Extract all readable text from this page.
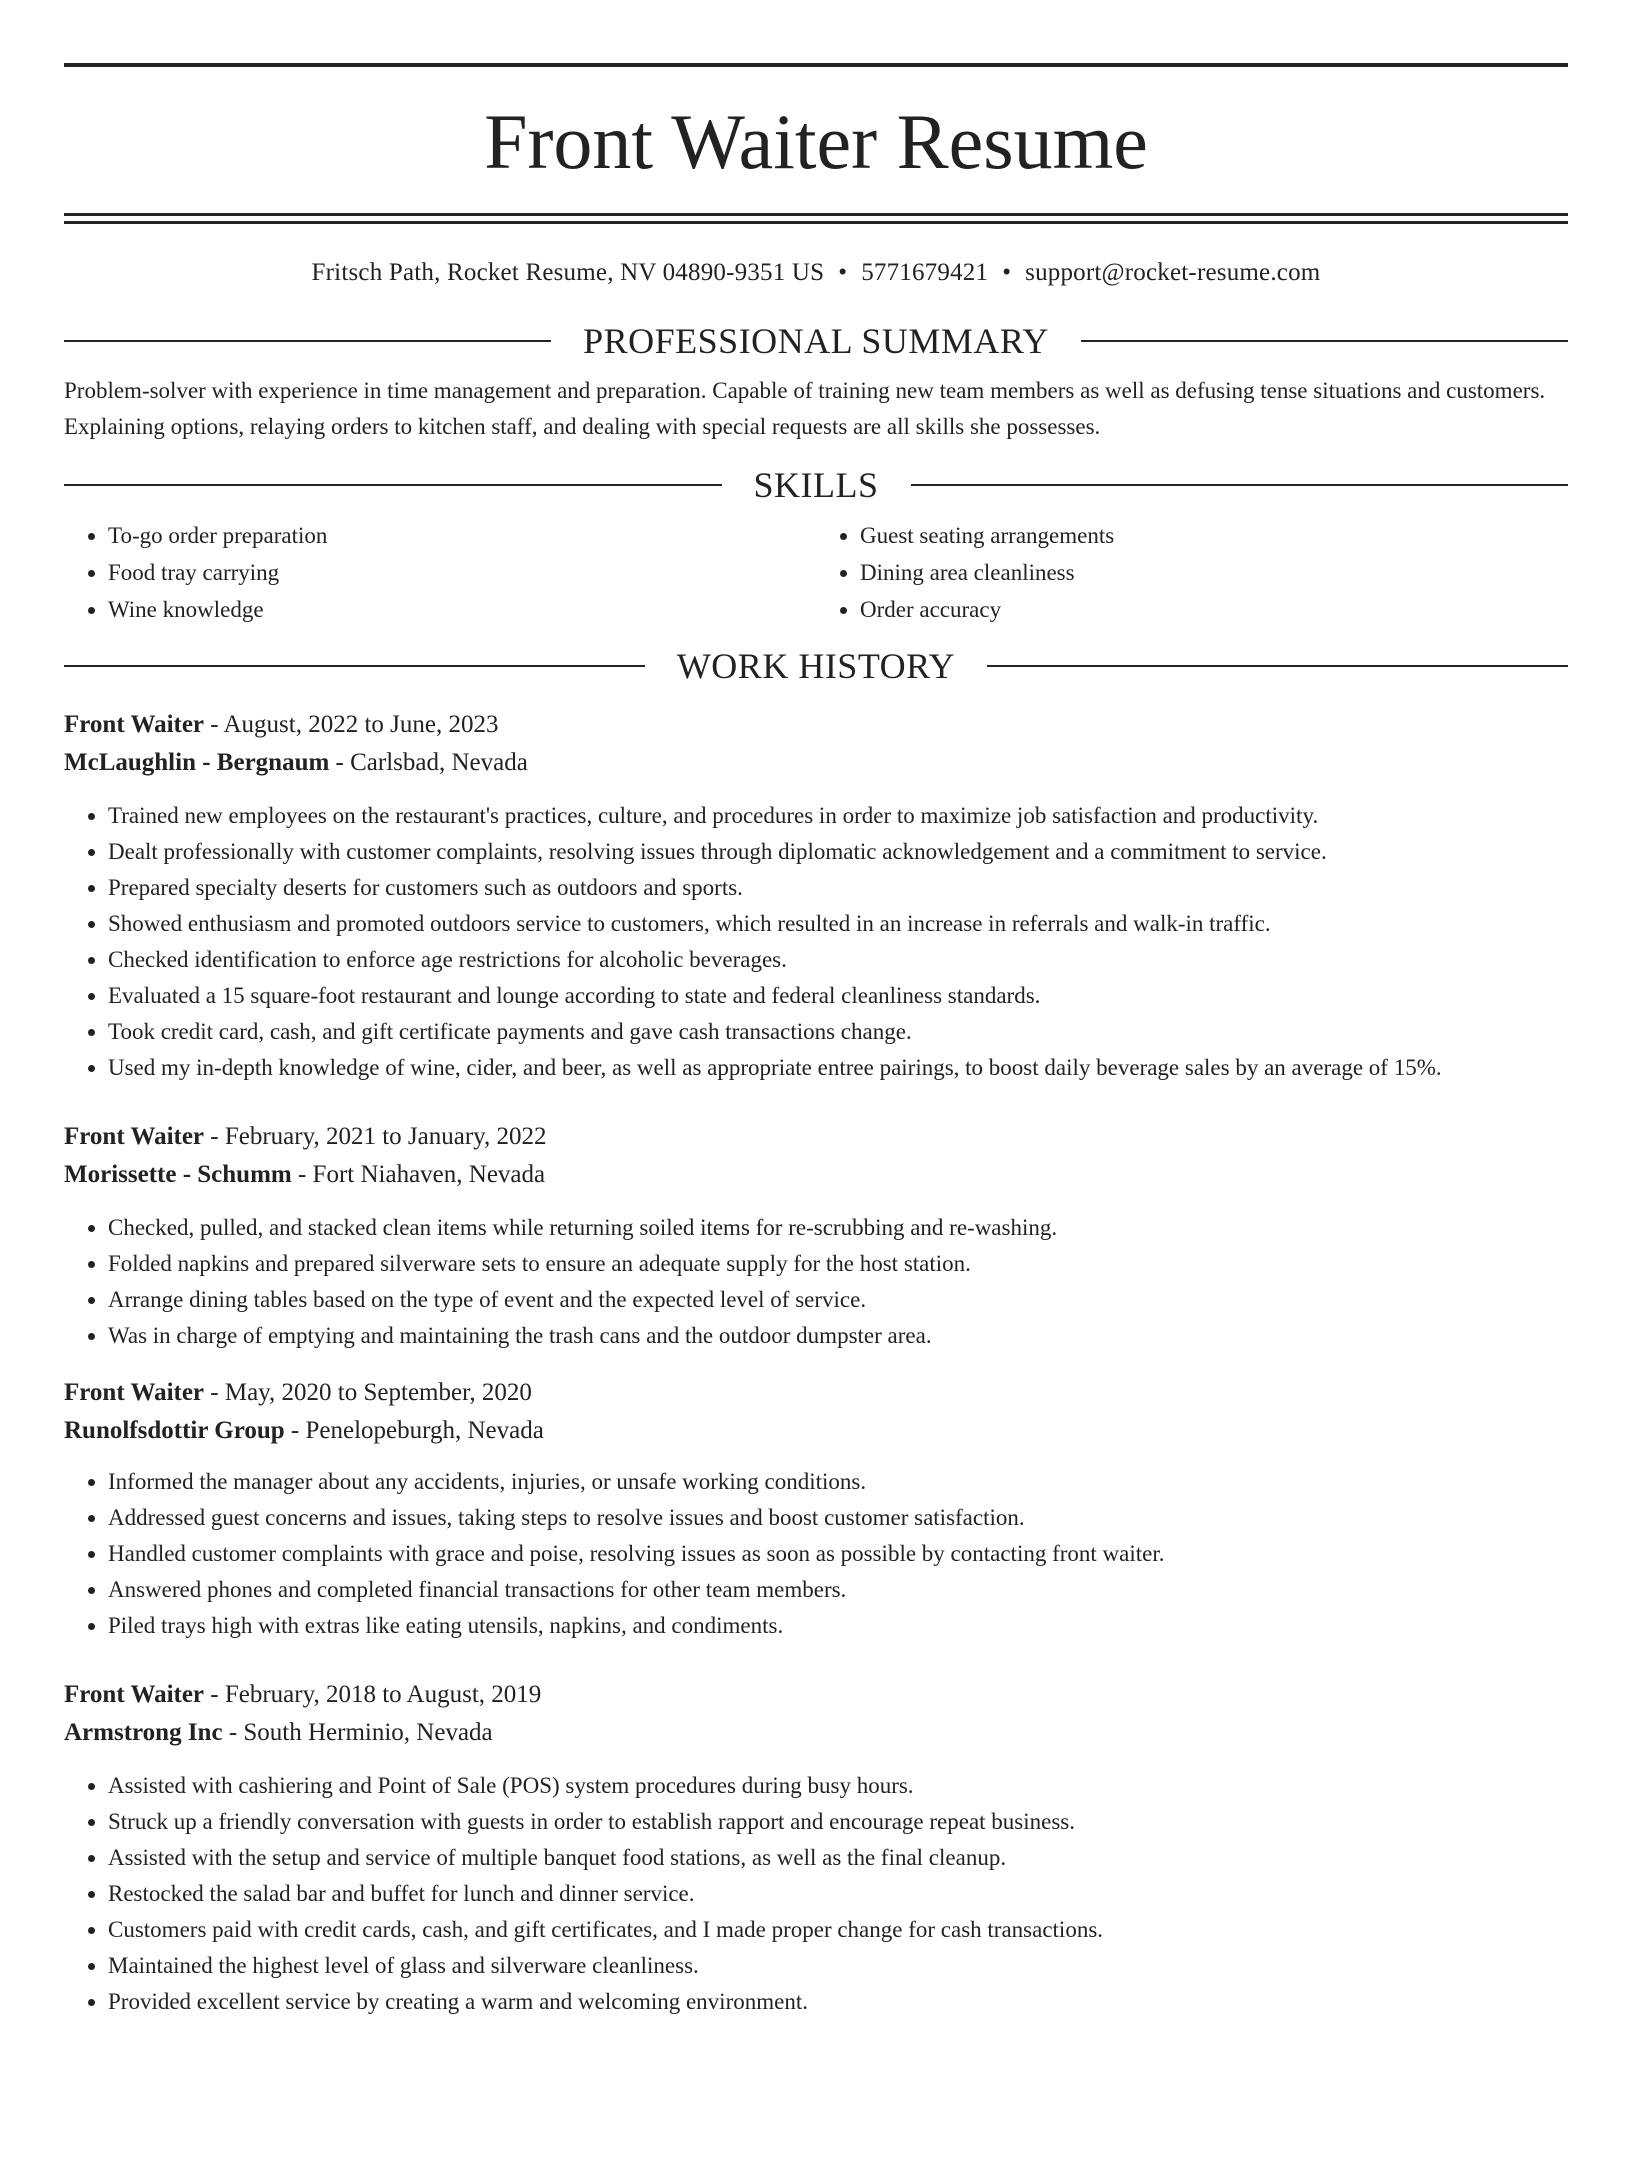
Front Waiter Resume
Fritsch Path, Rocket Resume, NV 04890-9351 US • 5771679421 • support@rocket-resume.com
PROFESSIONAL SUMMARY

Problem-solver with experience in time management and preparation. Capable of training new team members as well as defusing tense situations and customers. Explaining options, relaying orders to kitchen staff, and dealing with special requests are all skills she possesses.

SKILLS
• To-go order preparation
• Food tray carrying
• Wine knowledge
• Guest seating arrangements
• Dining area cleanliness
• Order accuracy
WORK HISTORY

Front Waiter - August, 2022 to June, 2023

McLaughlin - Bergnaum - Carlsbad, Nevada

• Trained new employees on the restaurant's practices, culture, and procedures in order to maximize job satisfaction and productivity.
• Dealt professionally with customer complaints, resolving issues through diplomatic acknowledgement and a commitment to service.
• Prepared specialty deserts for customers such as outdoors and sports.
• Showed enthusiasm and promoted outdoors service to customers, which resulted in an increase in referrals and walk-in traffic.
• Checked identification to enforce age restrictions for alcoholic beverages.
• Evaluated a 15 square-foot restaurant and lounge according to state and federal cleanliness standards.
• Took credit card, cash, and gift certificate payments and gave cash transactions change.
• Used my in-depth knowledge of wine, cider, and beer, as well as appropriate entree pairings, to boost daily beverage sales by an average of 15%.

Front Waiter - February, 2021 to January, 2022

Morissette - Schumm - Fort Niahaven, Nevada

• Checked, pulled, and stacked clean items while returning soiled items for re-scrubbing and re-washing.
• Folded napkins and prepared silverware sets to ensure an adequate supply for the host station.
• Arrange dining tables based on the type of event and the expected level of service.
• Was in charge of emptying and maintaining the trash cans and the outdoor dumpster area.

Front Waiter - May, 2020 to September, 2020

Runolfsdottir Group - Penelopeburgh, Nevada

• Informed the manager about any accidents, injuries, or unsafe working conditions.
• Addressed guest concerns and issues, taking steps to resolve issues and boost customer satisfaction.
• Handled customer complaints with grace and poise, resolving issues as soon as possible by contacting front waiter.
• Answered phones and completed financial transactions for other team members.
• Piled trays high with extras like eating utensils, napkins, and condiments.

Front Waiter - February, 2018 to August, 2019

Armstrong Inc - South Herminio, Nevada

• Assisted with cashiering and Point of Sale (POS) system procedures during busy hours.
• Struck up a friendly conversation with guests in order to establish rapport and encourage repeat business.
• Assisted with the setup and service of multiple banquet food stations, as well as the final cleanup.
• Restocked the salad bar and buffet for lunch and dinner service.
• Customers paid with credit cards, cash, and gift certificates, and I made proper change for cash transactions.
• Maintained the highest level of glass and silverware cleanliness.
• Provided excellent service by creating a warm and welcoming environment.
